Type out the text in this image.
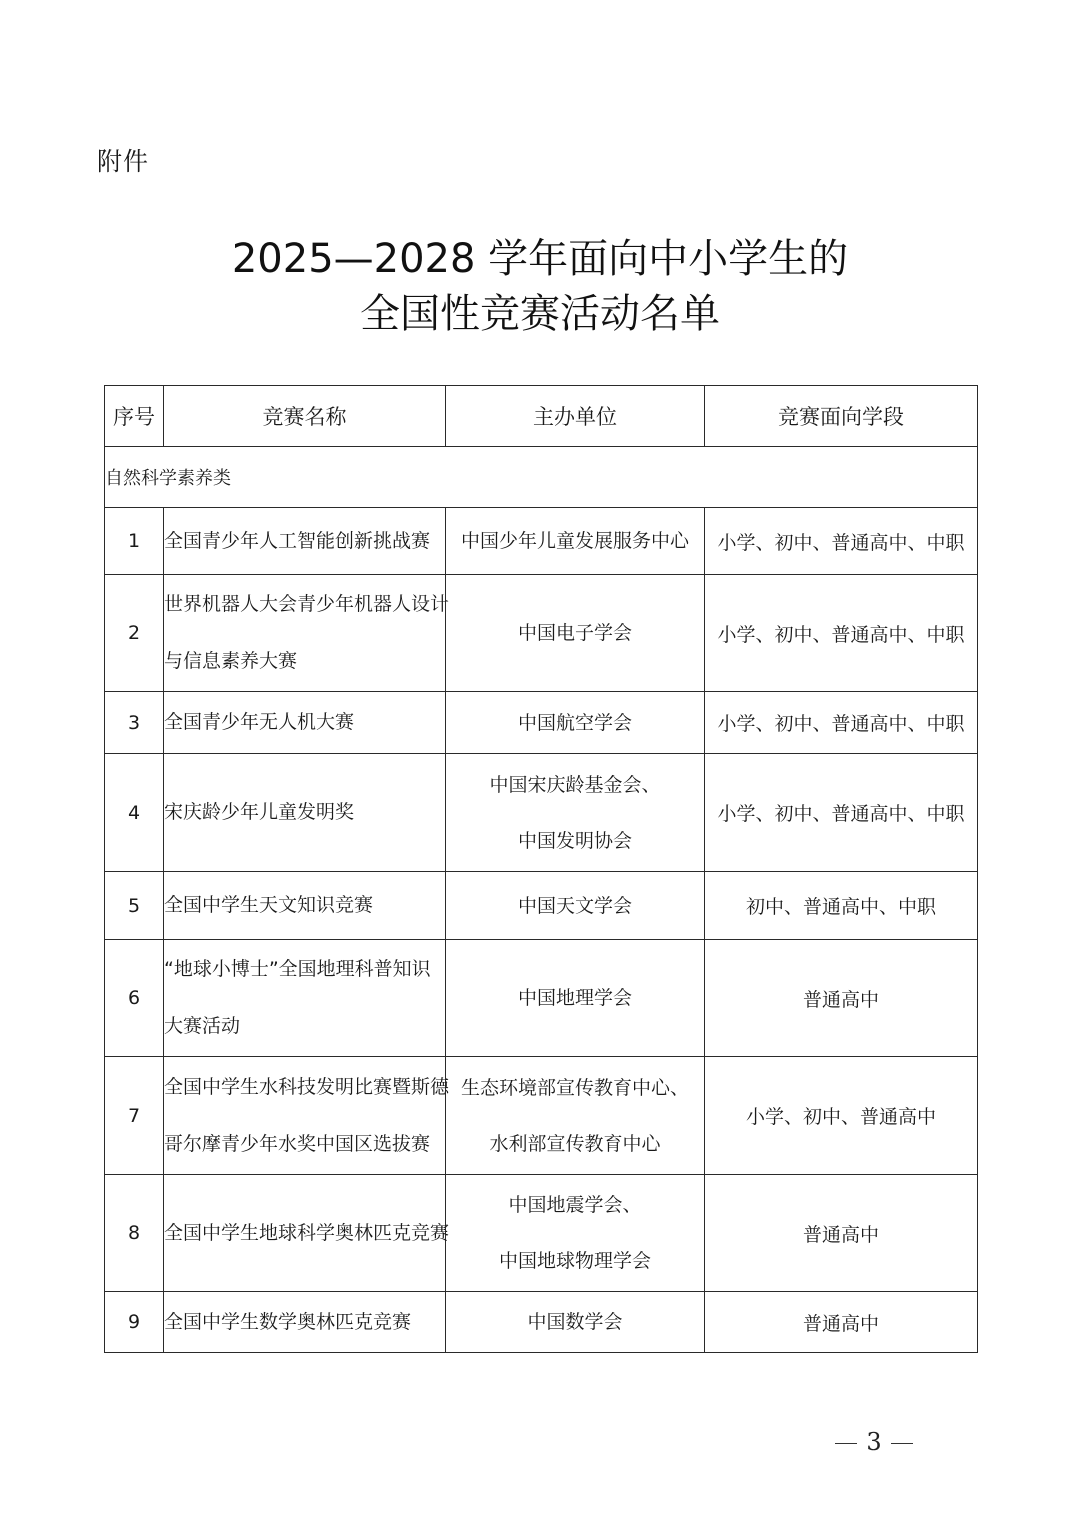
附件
2025—2028 学年面向中小学生的
全国性竞赛活动名单
序号	竞赛名称	主办单位	竞赛面向学段
自然科学素养类			
1	全国青少年人工智能创新挑战赛	中国少年儿童发展服务中心	小学、初中、普通高中、中职
2	世界机器人大会青少年机器人设计
与信息素养大赛	中国电子学会	小学、初中、普通高中、中职
3	全国青少年无人机大赛	中国航空学会	小学、初中、普通高中、中职
4	宋庆龄少年儿童发明奖	中国宋庆龄基金会、
中国发明协会	小学、初中、普通高中、中职
5	全国中学生天文知识竞赛	中国天文学会	初中、普通高中、中职
6	“地球小博士”全国地理科普知识
大赛活动	中国地理学会	普通高中
7	全国中学生水科技发明比赛暨斯德
哥尔摩青少年水奖中国区选拔赛	生态环境部宣传教育中心、
水利部宣传教育中心	小学、初中、普通高中
8	全国中学生地球科学奥林匹克竞赛	中国地震学会、
中国地球物理学会	普通高中
9	全国中学生数学奥林匹克竞赛	中国数学会	普通高中
3
